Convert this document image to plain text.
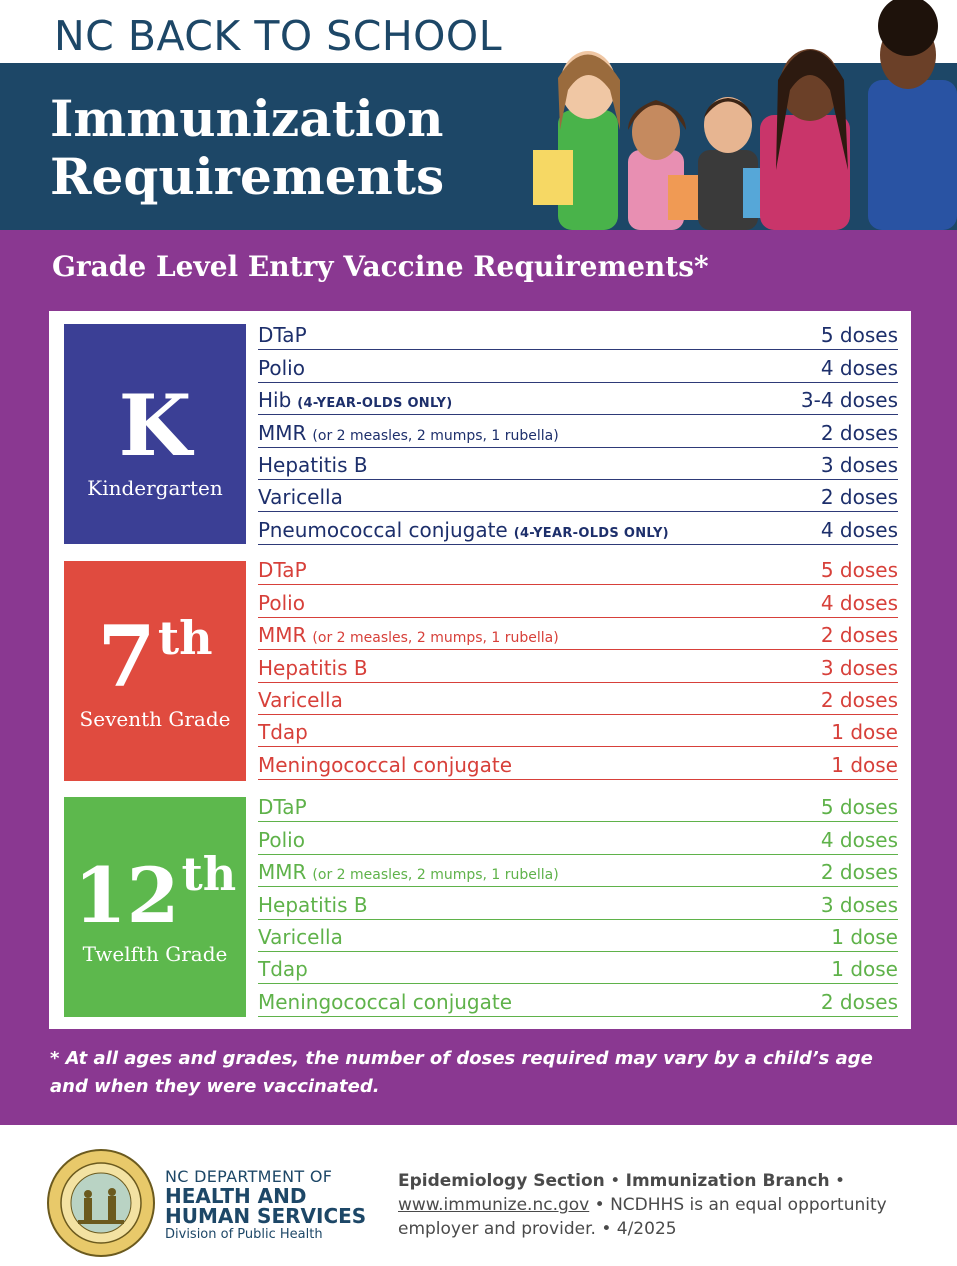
NC BACK TO SCHOOL
Immunization
Requirements
Grade Level Entry Vaccine Requirements*
K
Kindergarten
DTaP	5 doses
Polio	4 doses
Hib (4-YEAR-OLDS ONLY)	3-4 doses
MMR (or 2 measles, 2 mumps, 1 rubella)	2 doses
Hepatitis B	3 doses
Varicella	2 doses
Pneumococcal conjugate (4-YEAR-OLDS ONLY)	4 doses
7th
Seventh Grade
DTaP	5 doses
Polio	4 doses
MMR (or 2 measles, 2 mumps, 1 rubella)	2 doses
Hepatitis B	3 doses
Varicella	2 doses
Tdap	1 dose
Meningococcal conjugate	1 dose
12th
Twelfth Grade
DTaP	5 doses
Polio	4 doses
MMR (or 2 measles, 2 mumps, 1 rubella)	2 doses
Hepatitis B	3 doses
Varicella	1 dose
Tdap	1 dose
Meningococcal conjugate	2 doses
* At all ages and grades, the number of doses required may vary by a child’s age and when they were vaccinated.
NC DEPARTMENT OF
HEALTH AND
HUMAN SERVICES
Division of Public Health
Epidemiology Section • Immunization Branch •
www.immunize.nc.gov • NCDHHS is an equal opportunity employer and provider. • 4/2025
